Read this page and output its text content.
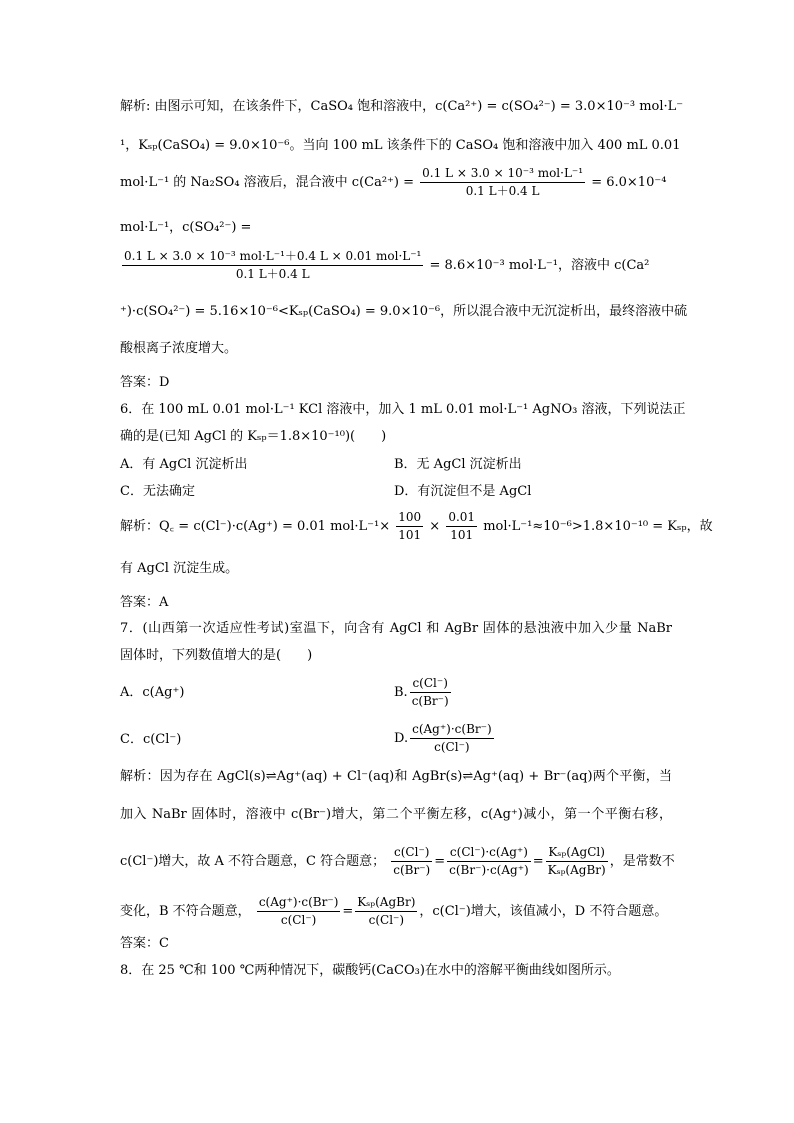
解析: 由图示可知，在该条件下，CaSO₄ 饱和溶液中，c(Ca²⁺) = c(SO₄²⁻) = 3.0×10⁻³ mol·L⁻
¹，Kₛₚ(CaSO₄) = 9.0×10⁻⁶。当向 100 mL 该条件下的 CaSO₄ 饱和溶液中加入 400 mL 0.01
mol·L⁻¹ 的 Na₂SO₄ 溶液后，混合液中 $c(Ca^{2+}) = \frac{\text{0.1 L × 3.0 × 10⁻³ mol·L⁻¹}}{0.1 L+0.4 L} = 6.0\times 10^{-4}$
mol·L⁻¹，c(SO₄²⁻) =
$\frac{\text{0.1 L × 3.0 × 10⁻³ mol·L⁻¹＋0.4 L × 0.01 mol·L⁻¹}}{0.1 L+0.4 L} = 8.6\times 10^{-3}$ mol·L⁻¹，溶液中 c(Ca²
⁺)·c(SO₄²⁻) = 5.16×10⁻⁶<Kₛₚ(CaSO₄) = 9.0×10⁻⁶，所以混合液中无沉淀析出，最终溶液中硫
酸根离子浓度增大。
答案：D
6．在 100 mL 0.01 mol·L⁻¹ KCl 溶液中，加入 1 mL 0.01 mol·L⁻¹ AgNO₃ 溶液，下列说法正
确的是(已知 AgCl 的 Kₛₚ＝1.8×10⁻¹⁰)(　　)
A．有 AgCl 沉淀析出	B．无 AgCl 沉淀析出
C．无法确定	D．有沉淀但不是 AgCl
解析：Q꜀ = c(Cl⁻)·c(Ag⁺) = 0.01 $mol\cdot L^{-1}\times \frac{100}{101} \times \frac{0.01}{101} mol\cdot L^{-1}\approx 10^{-6}>1.8\times 10^{-10} = K_{sp}$，故
有 AgCl 沉淀生成。
答案：A
7．(山西第一次适应性考试)室温下，向含有 AgCl 和 AgBr 固体的悬浊液中加入少量 NaBr
固体时，下列数值增大的是(　　)
A．c(Ag⁺)	B. $\frac{c(Cl^-)}{c(Br^-)}$
C．c(Cl⁻)	D. $\frac{c(Ag^+)\cdot c(Br^-)}{c(Cl^-)}$
解析：因为存在 AgCl(s)⇌Ag⁺(aq) + Cl⁻(aq)和 AgBr(s)⇌Ag⁺(aq) + Br⁻(aq)两个平衡，当
加入 NaBr 固体时，溶液中 c(Br⁻)增大，第二个平衡左移，c(Ag⁺)减小，第一个平衡右移，
c(Cl⁻)增大，故 A 不符合题意，C 符合题意； $\frac{c(Cl^-)}{c(Br^-)} = \frac{c(Cl^-)\cdot c(Ag^+)}{c(Br^-)\cdot c(Ag^+)} = \frac{\text{Kₛₚ(AgCl)}}{\text{Kₛₚ(AgBr)}}$ ，是常数不
变化，B 不符合题意， $\frac{c(Ag^+)\cdot c(Br^-)}{c(Cl^-)} = \frac{\text{Kₛₚ(AgBr)}}{c(Cl^-)}$ ，c(Cl⁻)增大，该值减小，D 不符合题意。
答案：C
8．在 25 ℃和 100 ℃两种情况下，碳酸钙(CaCO₃)在水中的溶解平衡曲线如图所示。
